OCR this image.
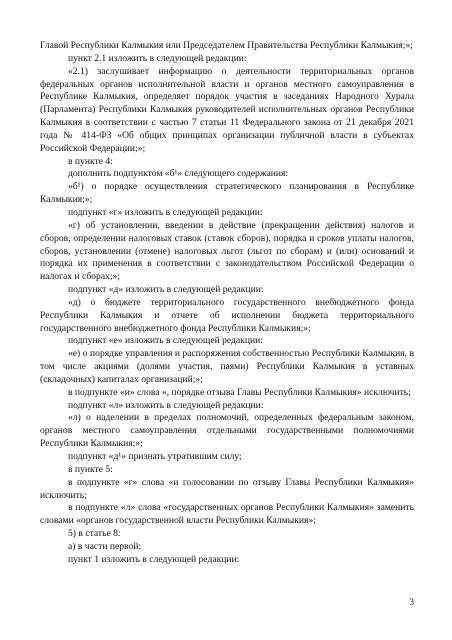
Главой Республики Калмыкия или Председателем Правительства Республики Калмыкия;»;

пункт 2.1 изложить в следующей редакции:

«2.1) заслушивает информацию о деятельности территориальных органов федеральных органов исполнительной власти и органов местного самоуправления в Республике Калмыкия, определяет порядок участия в заседаниях Народного Хурала (Парламента) Республики Калмыкия руководителей исполнительных органов Республики Калмыкия в соответствии с частью 7 статьи 11 Федерального закона от 21 декабря 2021 года № 414-ФЗ «Об общих принципах организации публичной власти в субъектах Российской Федерации;»;

в пункте 4:

дополнить подпунктом «б¹» следующего содержания:

«б¹) о порядке осуществления стратегического планирования в Республике Калмыкия;»;

подпункт «г» изложить в следующей редакции:

«г) об установлении, введении в действие (прекращении действия) налогов и сборов, определении налоговых ставок (ставок сборов), порядка и сроков уплаты налогов, сборов, установлении (отмене) налоговых льгот (льгот по сборам) и (или) оснований и порядка их применения в соответствии с законодательством Российской Федерации о налогах и сборах;»;

подпункт «д» изложить в следующей редакции:

«д) о бюджете территориального государственного внебюджетного фонда Республики Калмыкия и отчете об исполнении бюджета территориального государственного внебюджетного фонда Республики Калмыкия;»;

подпункт «е» изложить в следующей редакции:

«е) о порядке управления и распоряжения собственностью Республики Калмыкия, в том числе акциями (долями участия, паями) Республики Калмыкия в уставных (складочных) капиталах организаций;»;

в подпункте «и» слова «, порядке отзыва Главы Республики Калмыкия» исключить;

подпункт «л» изложить в следующей редакции:

«л) о наделении в пределах полномочий, определенных федеральным законом, органов местного самоуправления отдельными государственными полномочиями Республики Калмыкия;»;

подпункт «д¹» признать утратившим силу;

в пункте 5:

в подпункте «г» слова «и голосовании по отзыву Главы Республики Калмыкия» исключить;

в подпункте «л» слова «государственных органов Республики Калмыкия» заменить словами «органов государственной власти Республики Калмыкия»;

5) в статье 8:

а) в части первой:

пункт 1 изложить в следующей редакции:

3
